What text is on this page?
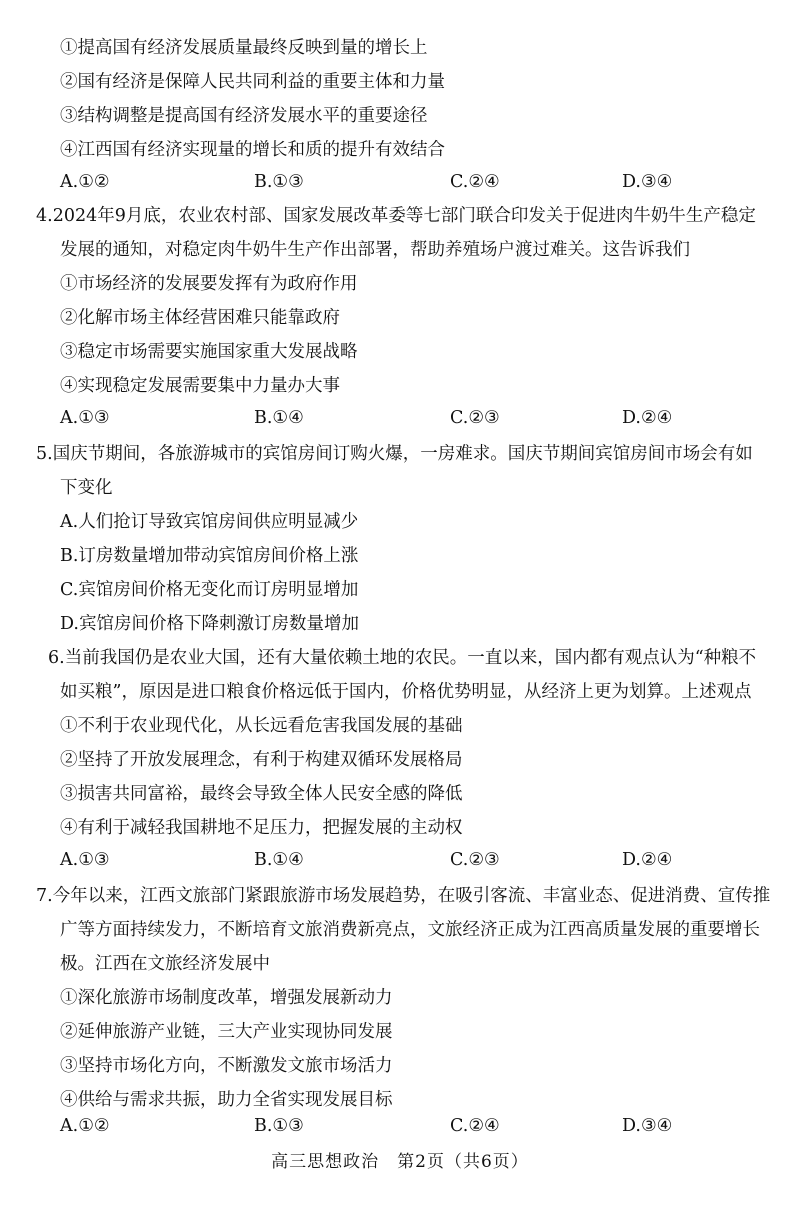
①提高国有经济发展质量最终反映到量的增长上
②国有经济是保障人民共同利益的重要主体和力量
③结构调整是提高国有经济发展水平的重要途径
④江西国有经济实现量的增长和质的提升有效结合
A.①②	B.①③	C.②④	D.③④
4.2024年9月底，农业农村部、国家发展改革委等七部门联合印发关于促进肉牛奶牛生产稳定
发展的通知，对稳定肉牛奶牛生产作出部署，帮助养殖场户渡过难关。这告诉我们
①市场经济的发展要发挥有为政府作用
②化解市场主体经营困难只能靠政府
③稳定市场需要实施国家重大发展战略
④实现稳定发展需要集中力量办大事
A.①③	B.①④	C.②③	D.②④
5.国庆节期间，各旅游城市的宾馆房间订购火爆，一房难求。国庆节期间宾馆房间市场会有如
下变化
A.人们抢订导致宾馆房间供应明显减少
B.订房数量增加带动宾馆房间价格上涨
C.宾馆房间价格无变化而订房明显增加
D.宾馆房间价格下降刺激订房数量增加
6.当前我国仍是农业大国，还有大量依赖土地的农民。一直以来，国内都有观点认为“种粮不
如买粮”，原因是进口粮食价格远低于国内，价格优势明显，从经济上更为划算。上述观点
①不利于农业现代化，从长远看危害我国发展的基础
②坚持了开放发展理念，有利于构建双循环发展格局
③损害共同富裕，最终会导致全体人民安全感的降低
④有利于减轻我国耕地不足压力，把握发展的主动权
A.①③	B.①④	C.②③	D.②④
7.今年以来，江西文旅部门紧跟旅游市场发展趋势，在吸引客流、丰富业态、促进消费、宣传推
广等方面持续发力，不断培育文旅消费新亮点，文旅经济正成为江西高质量发展的重要增长
极。江西在文旅经济发展中
①深化旅游市场制度改革，增强发展新动力
②延伸旅游产业链，三大产业实现协同发展
③坚持市场化方向，不断激发文旅市场活力
④供给与需求共振，助力全省实现发展目标
A.①②	B.①③	C.②④	D.③④
高三思想政治　第2页（共6页）
